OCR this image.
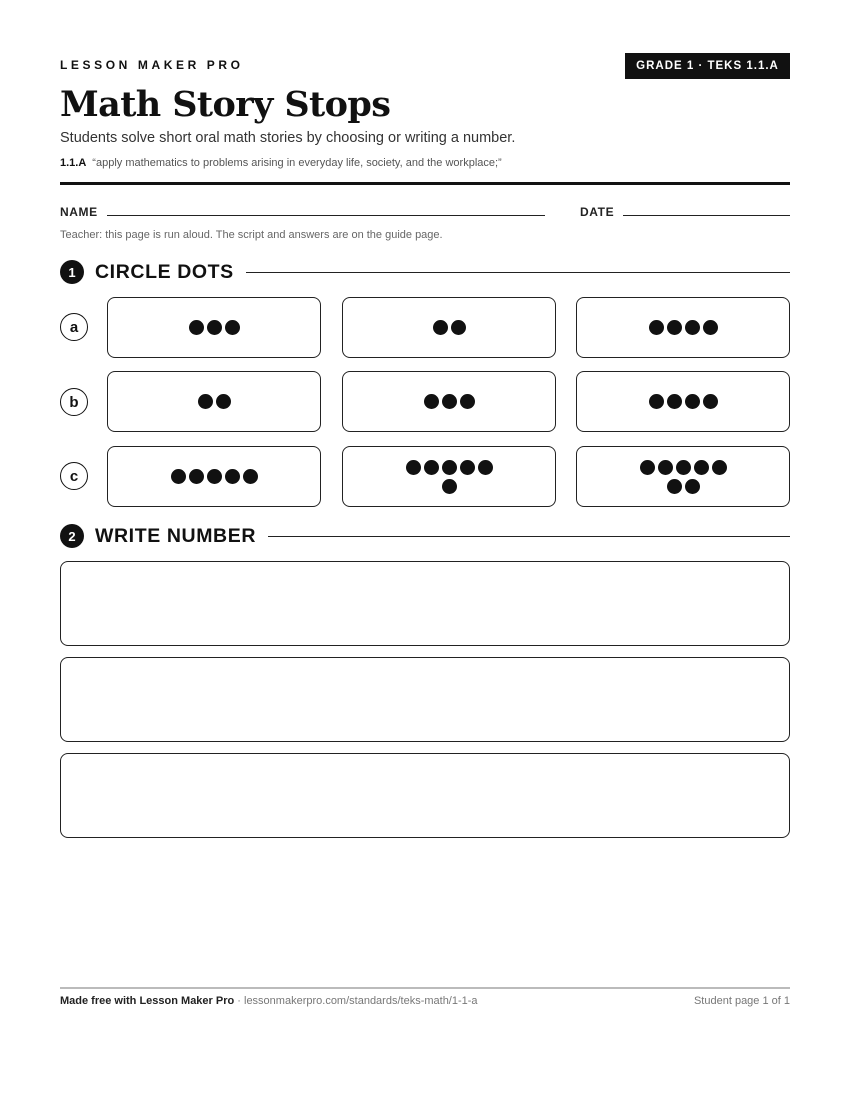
LESSON MAKER PRO	GRADE 1 · TEKS 1.1.A
Math Story Stops
Students solve short oral math stories by choosing or writing a number.
1.1.A “apply mathematics to problems arising in everyday life, society, and the workplace;”
NAME	DATE
Teacher: this page is run aloud. The script and answers are on the guide page.
1 CIRCLE DOTS
a
b
c
2 WRITE NUMBER
Made free with Lesson Maker Pro · lessonmakerpro.com/standards/teks-math/1-1-a	Student page 1 of 1
